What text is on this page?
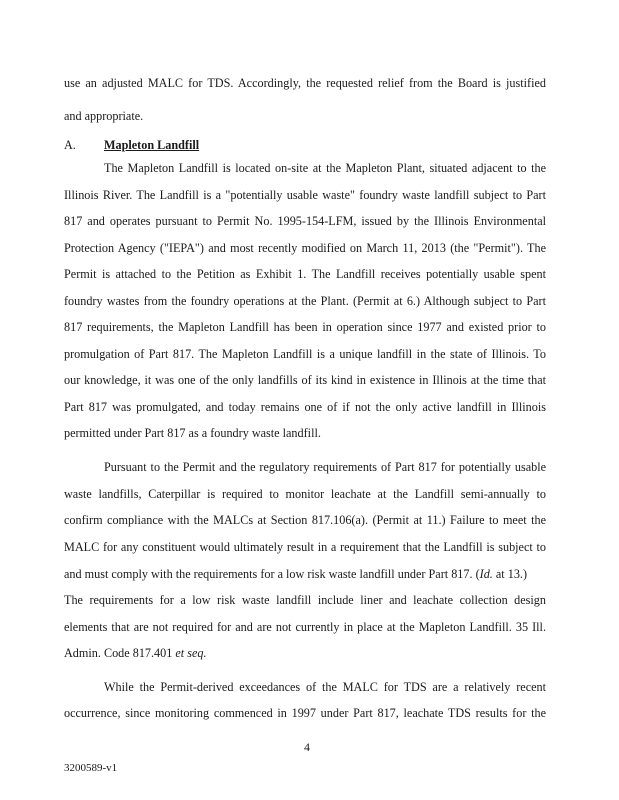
use an adjusted MALC for TDS. Accordingly, the requested relief from the Board is justified
and appropriate.
A. Mapleton Landfill
The Mapleton Landfill is located on-site at the Mapleton Plant, situated adjacent to the
Illinois River. The Landfill is a "potentially usable waste" foundry waste landfill subject to Part
817 and operates pursuant to Permit No. 1995-154-LFM, issued by the Illinois Environmental
Protection Agency ("IEPA") and most recently modified on March 11, 2013 (the "Permit"). The
Permit is attached to the Petition as Exhibit 1. The Landfill receives potentially usable spent
foundry wastes from the foundry operations at the Plant. (Permit at 6.) Although subject to Part
817 requirements, the Mapleton Landfill has been in operation since 1977 and existed prior to
promulgation of Part 817. The Mapleton Landfill is a unique landfill in the state of Illinois. To
our knowledge, it was one of the only landfills of its kind in existence in Illinois at the time that
Part 817 was promulgated, and today remains one of if not the only active landfill in Illinois
permitted under Part 817 as a foundry waste landfill.
Pursuant to the Permit and the regulatory requirements of Part 817 for potentially usable
waste landfills, Caterpillar is required to monitor leachate at the Landfill semi-annually to
confirm compliance with the MALCs at Section 817.106(a). (Permit at 11.) Failure to meet the
MALC for any constituent would ultimately result in a requirement that the Landfill is subject to
and must comply with the requirements for a low risk waste landfill under Part 817. (Id. at 13.)
The requirements for a low risk waste landfill include liner and leachate collection design
elements that are not required for and are not currently in place at the Mapleton Landfill. 35 Ill.
Admin. Code 817.401 et seq.
While the Permit-derived exceedances of the MALC for TDS are a relatively recent
occurrence, since monitoring commenced in 1997 under Part 817, leachate TDS results for the
4
3200589-v1
